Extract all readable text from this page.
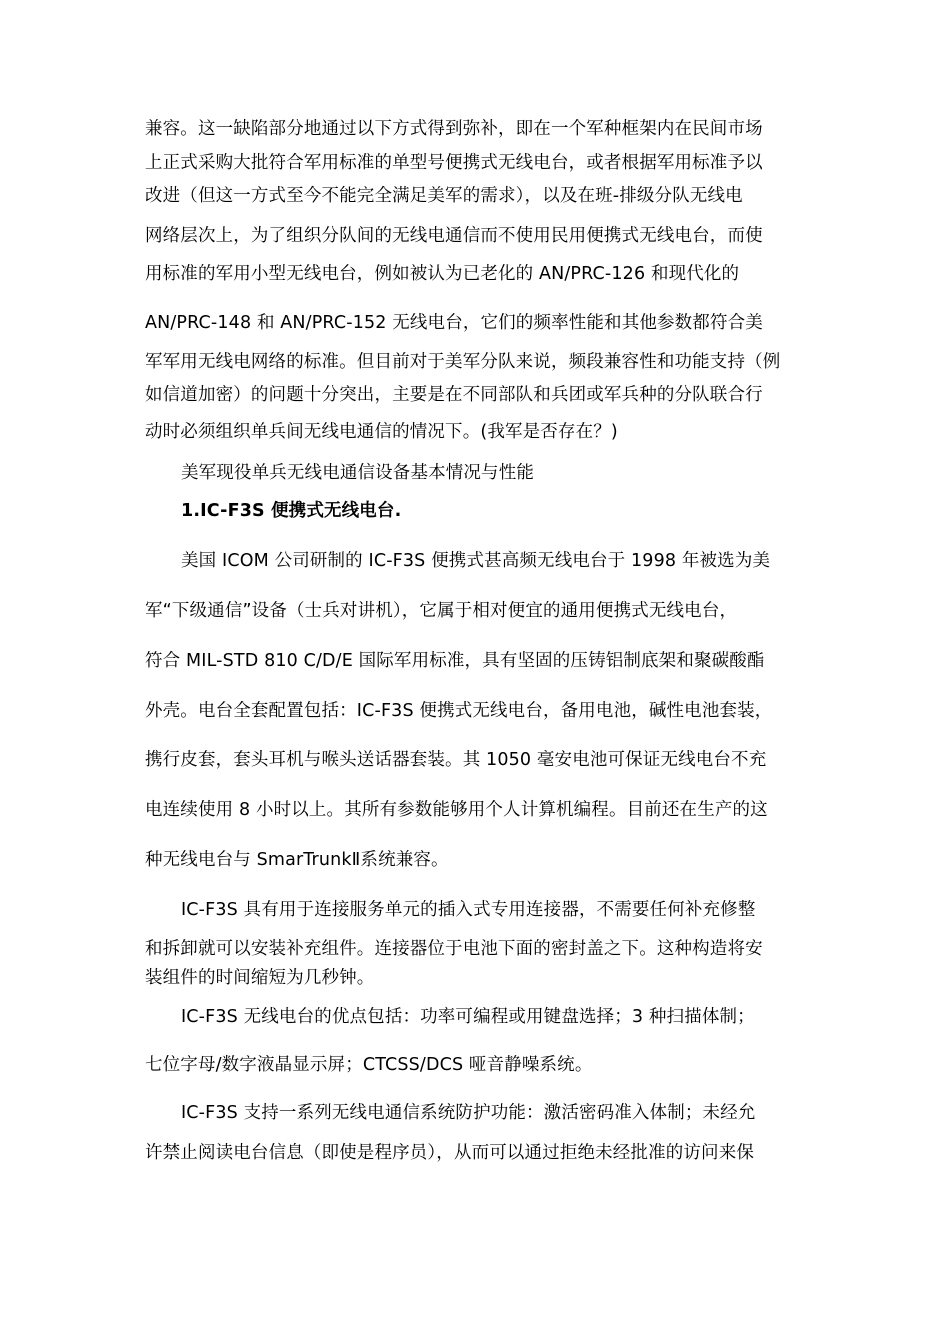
兼容。这一缺陷部分地通过以下方式得到弥补，即在一个军种框架内在民间市场
上正式采购大批符合军用标准的单型号便携式无线电台，或者根据军用标准予以
改进（但这一方式至今不能完全满足美军的需求），以及在班-排级分队无线电
网络层次上，为了组织分队间的无线电通信而不使用民用便携式无线电台，而使
用标准的军用小型无线电台，例如被认为已老化的 AN/PRC-126 和现代化的
AN/PRC-148 和 AN/PRC-152 无线电台，它们的频率性能和其他参数都符合美
军军用无线电网络的标准。但目前对于美军分队来说，频段兼容性和功能支持（例
如信道加密）的问题十分突出，主要是在不同部队和兵团或军兵种的分队联合行
动时必须组织单兵间无线电通信的情况下。(我军是否存在？)
美军现役单兵无线电通信设备基本情况与性能
1.IC-F3S 便携式无线电台.
美国 ICOM 公司研制的 IC-F3S 便携式甚高频无线电台于 1998 年被选为美
军“下级通信”设备（士兵对讲机），它属于相对便宜的通用便携式无线电台，
符合 MIL-STD 810 C/D/E 国际军用标准，具有坚固的压铸铝制底架和聚碳酸酯
外壳。电台全套配置包括：IC-F3S 便携式无线电台，备用电池，碱性电池套装，
携行皮套，套头耳机与喉头送话器套装。其 1050 毫安电池可保证无线电台不充
电连续使用 8 小时以上。其所有参数能够用个人计算机编程。目前还在生产的这
种无线电台与 SmarTrunkⅡ系统兼容。
IC-F3S 具有用于连接服务单元的插入式专用连接器，不需要任何补充修整
和拆卸就可以安装补充组件。连接器位于电池下面的密封盖之下。这种构造将安
装组件的时间缩短为几秒钟。
IC-F3S 无线电台的优点包括：功率可编程或用键盘选择；3 种扫描体制；
七位字母/数字液晶显示屏；CTCSS/DCS 哑音静噪系统。
IC-F3S 支持一系列无线电通信系统防护功能：激活密码准入体制；未经允
许禁止阅读电台信息（即使是程序员），从而可以通过拒绝未经批准的访问来保
